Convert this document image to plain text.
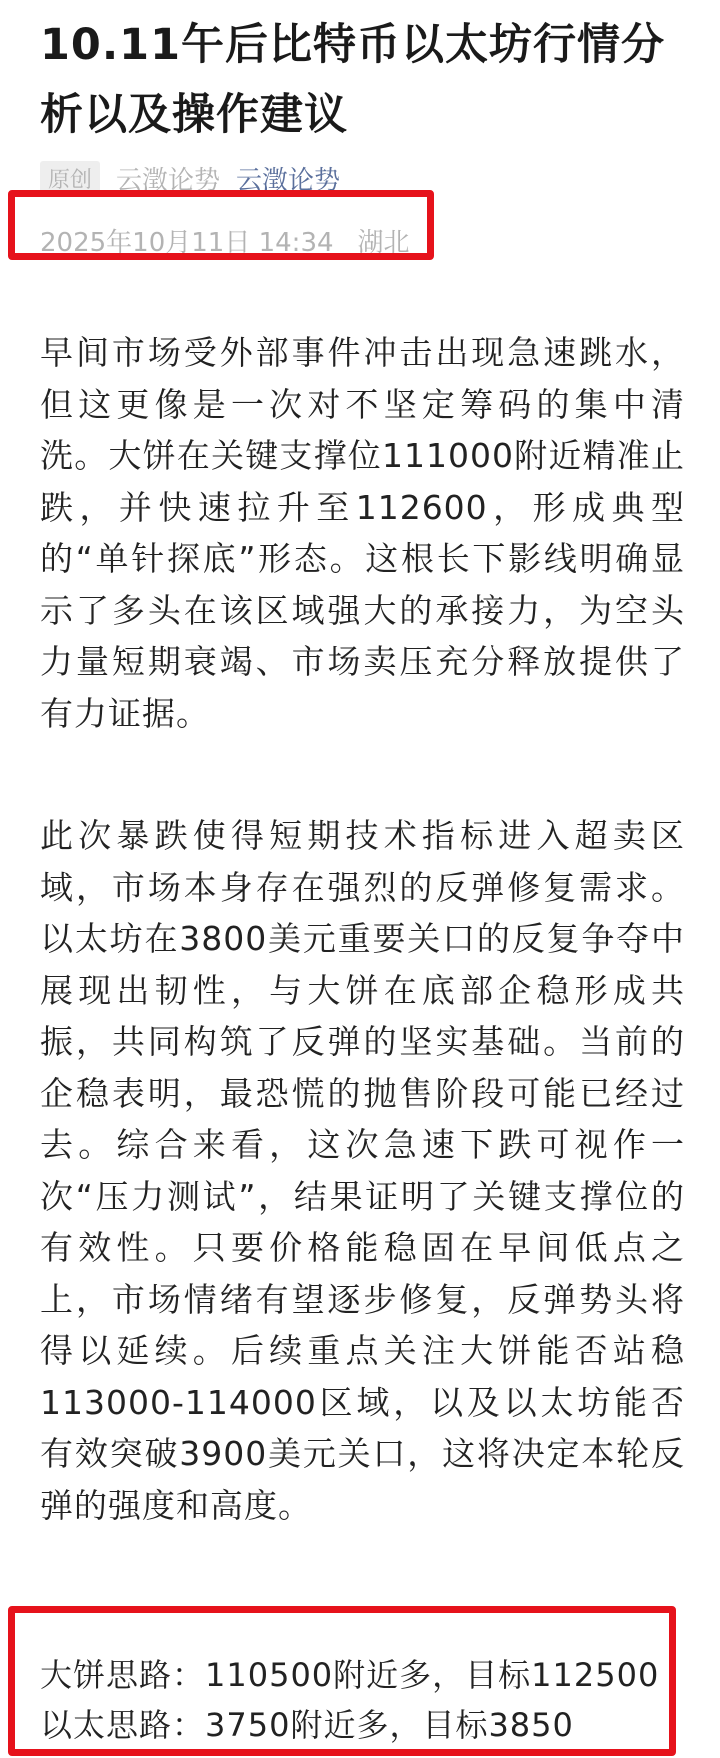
10.11午后比特币以太坊行情分析以及操作建议
原创 云澂论势 云澂论势
2025年10月11日 14:34 湖北

早间市场受外部事件冲击出现急速跳水，但这更像是一次对不坚定筹码的集中清洗。大饼在关键支撑位111000附近精准止跌，并快速拉升至112600，形成典型的“单针探底”形态。这根长下影线明确显示了多头在该区域强大的承接力，为空头力量短期衰竭、市场卖压充分释放提供了有力证据。

此次暴跌使得短期技术指标进入超卖区域，市场本身存在强烈的反弹修复需求。以太坊在3800美元重要关口的反复争夺中展现出韧性，与大饼在底部企稳形成共振，共同构筑了反弹的坚实基础。当前的企稳表明，最恐慌的抛售阶段可能已经过去。综合来看，这次急速下跌可视作一次“压力测试”，结果证明了关键支撑位的有效性。只要价格能稳固在早间低点之上，市场情绪有望逐步修复，反弹势头将得以延续。后续重点关注大饼能否站稳113000-114000区域，以及以太坊能否有效突破3900美元关口，这将决定本轮反弹的强度和高度。

大饼思路：110500附近多，目标112500
以太思路：3750附近多，目标3850
